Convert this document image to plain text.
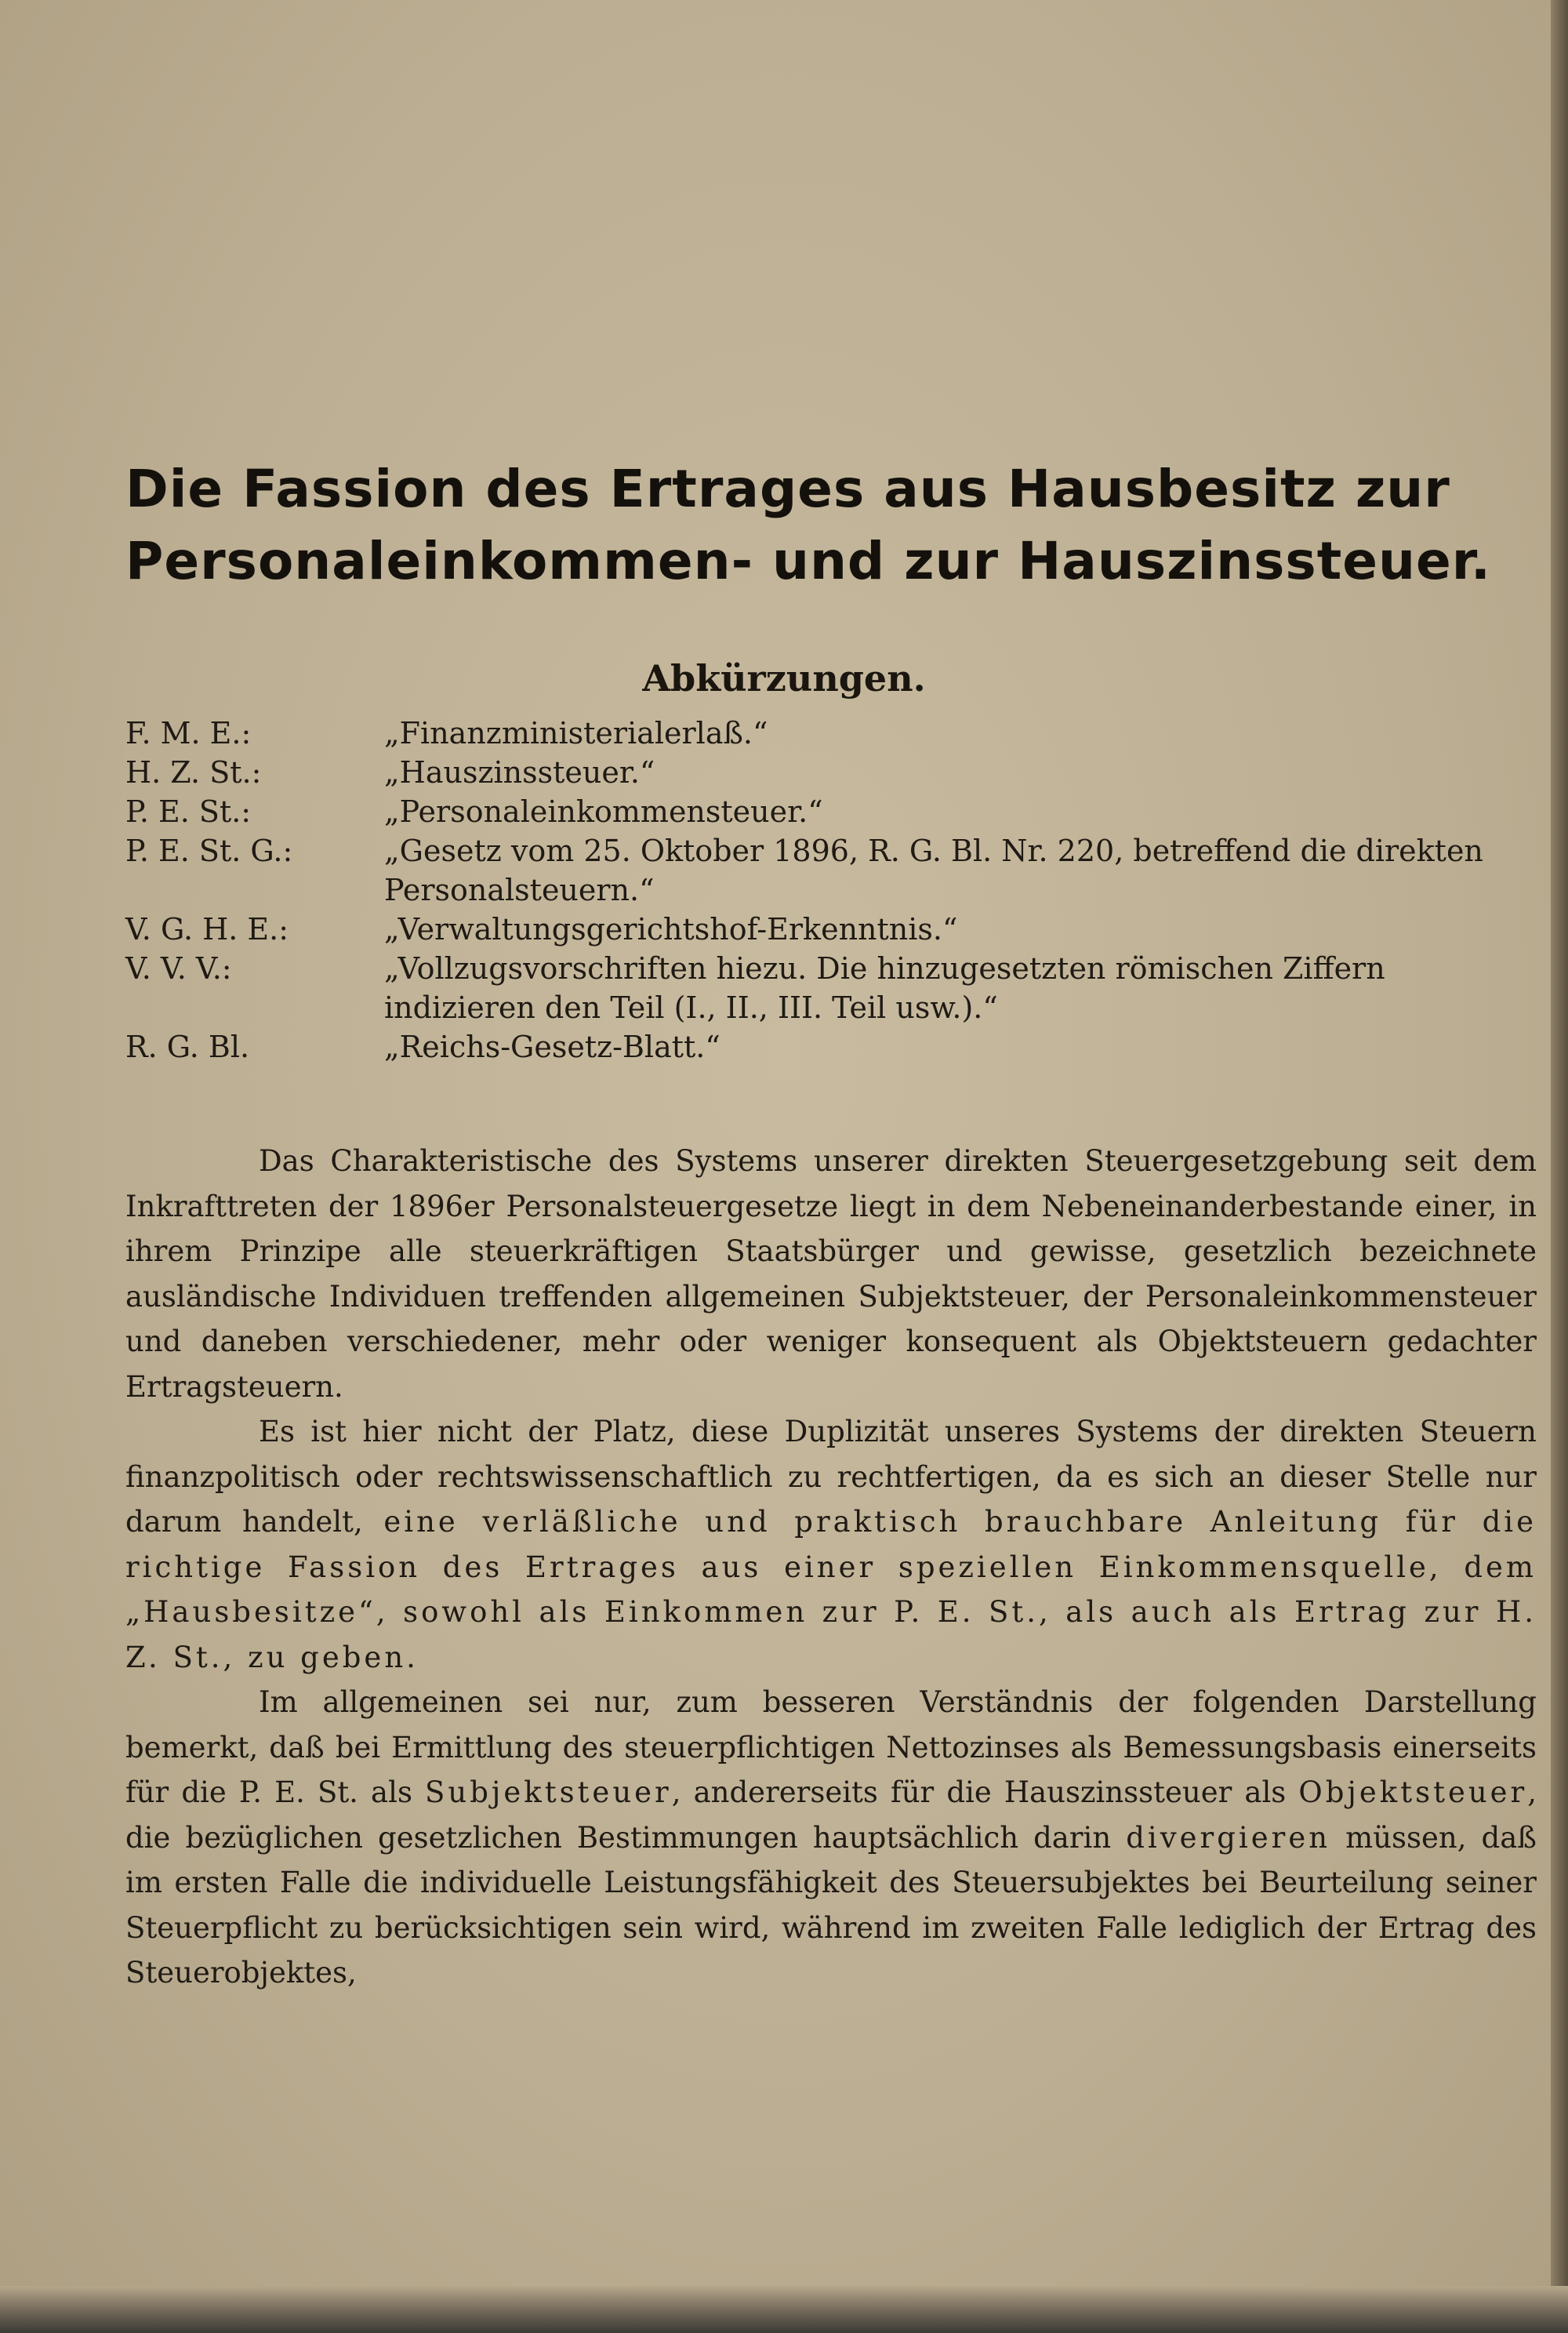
Die Fassion des Ertrages aus Hausbesitz zur
Personaleinkommen- und zur Hauszinssteuer.
Abkürzungen.
F. M. E.:	„Finanzministerialerlaß.“
H. Z. St.:	„Hauszinssteuer.“
P. E. St.:	„Personaleinkommensteuer.“
P. E. St. G.:	„Gesetz vom 25. Oktober 1896, R. G. Bl. Nr. 220, betreffend die direkten Personalsteuern.“
V. G. H. E.:	„Verwaltungsgerichtshof-Erkenntnis.“
V. V. V.:	„Vollzugsvorschriften hiezu. Die hinzugesetzten römischen Ziffern indizieren den Teil (I., II., III. Teil usw.).“
R. G. Bl.	„Reichs-Gesetz-Blatt.“

Das Charakteristische des Systems unserer direkten Steuergesetzgebung seit dem Inkrafttreten der 1896er Personalsteuergesetze liegt in dem Nebeneinanderbestande einer, in ihrem Prinzipe alle steuerkräftigen Staatsbürger und gewisse, gesetzlich bezeichnete ausländische Individuen treffenden allgemeinen Subjektsteuer, der Personaleinkommensteuer und daneben verschiedener, mehr oder weniger konsequent als Objektsteuern gedachter Ertragsteuern.

Es ist hier nicht der Platz, diese Duplizität unseres Systems der direkten Steuern finanzpolitisch oder rechtswissenschaftlich zu rechtfertigen, da es sich an dieser Stelle nur darum handelt, eine verläßliche und praktisch brauchbare Anleitung für die richtige Fassion des Ertrages aus einer speziellen Einkommensquelle, dem „Hausbesitze“, sowohl als Einkommen zur P. E. St., als auch als Ertrag zur H. Z. St., zu geben.

Im allgemeinen sei nur, zum besseren Verständnis der folgenden Darstellung bemerkt, daß bei Ermittlung des steuerpflichtigen Nettozinses als Bemessungsbasis einerseits für die P. E. St. als Subjektsteuer, andererseits für die Hauszinssteuer als Objektsteuer, die bezüglichen gesetzlichen Bestimmungen hauptsächlich darin divergieren müssen, daß im ersten Falle die individuelle Leistungsfähigkeit des Steuersubjektes bei Beurteilung seiner Steuerpflicht zu berücksichtigen sein wird, während im zweiten Falle lediglich der Ertrag des Steuerobjektes,
